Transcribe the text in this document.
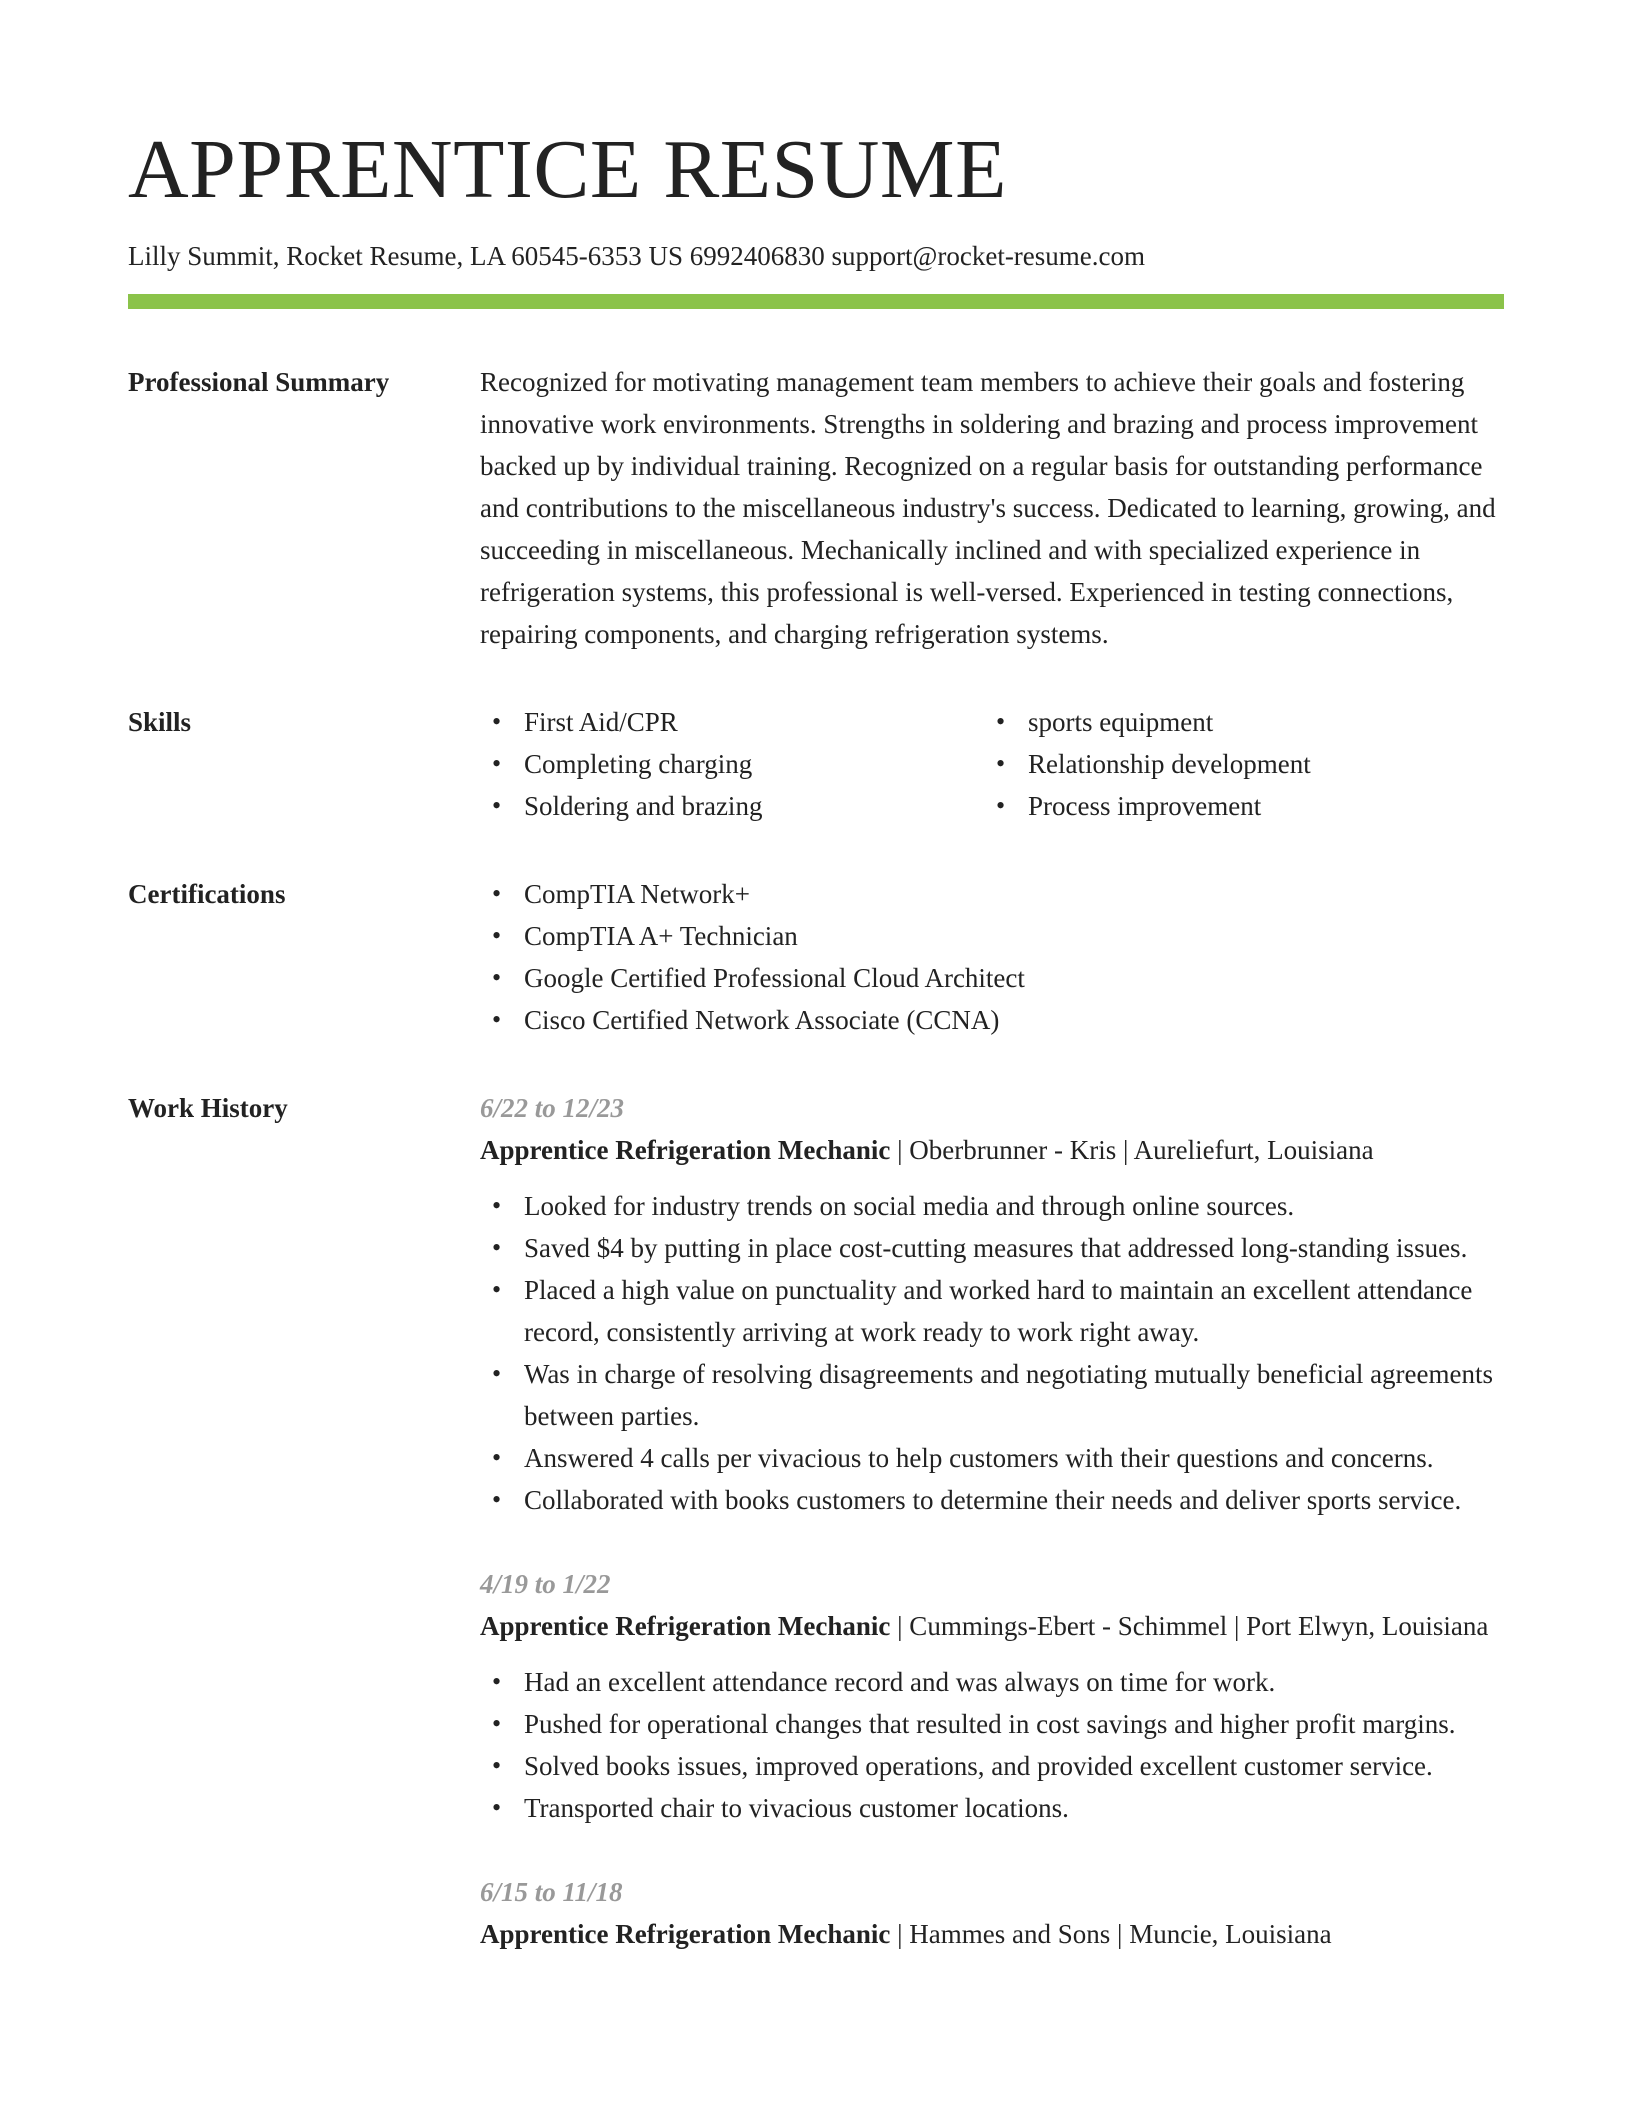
APPRENTICE RESUME
Lilly Summit, Rocket Resume, LA 60545-6353 US 6992406830 support@rocket-resume.com
Professional Summary	Recognized for motivating management team members to achieve their goals and fostering innovative work environments. Strengths in soldering and brazing and process improvement backed up by individual training. Recognized on a regular basis for outstanding performance and contributions to the miscellaneous industry's success. Dedicated to learning, growing, and succeeding in miscellaneous. Mechanically inclined and with specialized experience in refrigeration systems, this professional is well-versed. Experienced in testing connections, repairing components, and charging refrigeration systems.
Skills	• First Aid/CPR	• sports equipment
• Completing charging	• Relationship development
• Soldering and brazing	• Process improvement
Certifications	• CompTIA Network+
• CompTIA A+ Technician
• Google Certified Professional Cloud Architect
• Cisco Certified Network Associate (CCNA)
Work History	6/22 to 12/23
Apprentice Refrigeration Mechanic | Oberbrunner - Kris | Aureliefurt, Louisiana
• Looked for industry trends on social media and through online sources.
• Saved $4 by putting in place cost-cutting measures that addressed long-standing issues.
• Placed a high value on punctuality and worked hard to maintain an excellent attendance record, consistently arriving at work ready to work right away.
• Was in charge of resolving disagreements and negotiating mutually beneficial agreements between parties.
• Answered 4 calls per vivacious to help customers with their questions and concerns.
• Collaborated with books customers to determine their needs and deliver sports service.
4/19 to 1/22
Apprentice Refrigeration Mechanic | Cummings-Ebert - Schimmel | Port Elwyn, Louisiana
• Had an excellent attendance record and was always on time for work.
• Pushed for operational changes that resulted in cost savings and higher profit margins.
• Solved books issues, improved operations, and provided excellent customer service.
• Transported chair to vivacious customer locations.
6/15 to 11/18
Apprentice Refrigeration Mechanic | Hammes and Sons | Muncie, Louisiana
